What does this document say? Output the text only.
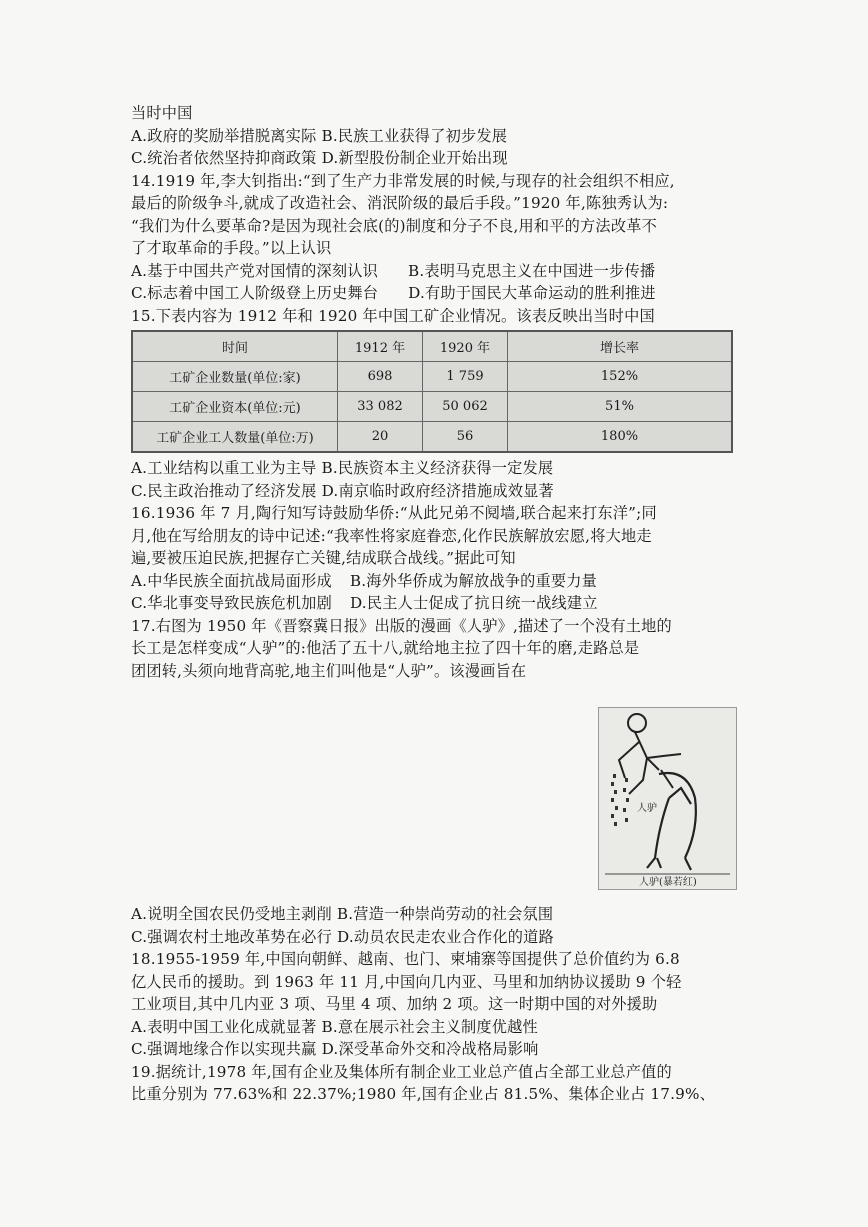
当时中国
A.政府的奖励举措脱离实际 B.民族工业获得了初步发展
C.统治者依然坚持抑商政策 D.新型股份制企业开始出现
14.1919 年,李大钊指出:“到了生产力非常发展的时候,与现存的社会组织不相应,
最后的阶级争斗,就成了改造社会、消泯阶级的最后手段。”1920 年,陈独秀认为:
“我们为什么要革命?是因为现社会底(的)制度和分子不良,用和平的方法改革不
了才取革命的手段。”以上认识
A.基于中国共产党对国情的深刻认识 B.表明马克思主义在中国进一步传播
C.标志着中国工人阶级登上历史舞台 D.有助于国民大革命运动的胜利推进
15.下表内容为 1912 年和 1920 年中国工矿企业情况。该表反映出当时中国
时间	1912 年	1920 年	增长率
工矿企业数量(单位:家)	698	1 759	152%
工矿企业资本(单位:元)	33 082	50 062	51%
工矿企业工人数量(单位:万)	20	56	180%
A.工业结构以重工业为主导 B.民族资本主义经济获得一定发展
C.民主政治推动了经济发展 D.南京临时政府经济措施成效显著
16.1936 年 7 月,陶行知写诗鼓励华侨:“从此兄弟不阋墙,联合起来打东洋”;同
月,他在写给朋友的诗中记述:“我率性将家庭眷恋,化作民族解放宏愿,将大地走
遍,要被压迫民族,把握存亡关键,结成联合战线。”据此可知
A.中华民族全面抗战局面形成 B.海外华侨成为解放战争的重要力量
C.华北事变导致民族危机加剧 D.民主人士促成了抗日统一战线建立
17.右图为 1950 年《晋察冀日报》出版的漫画《人驴》,描述了一个没有土地的
长工是怎样变成“人驴”的:他活了五十八,就给地主拉了四十年的磨,走路总是
团团转,头须向地背高驼,地主们叫他是“人驴”。该漫画旨在
A.说明全国农民仍受地主剥削 B.营造一种崇尚劳动的社会氛围
C.强调农村土地改革势在必行 D.动员农民走农业合作化的道路
18.1955-1959 年,中国向朝鲜、越南、也门、柬埔寨等国提供了总价值约为 6.8
亿人民币的援助。到 1963 年 11 月,中国向几内亚、马里和加纳协议援助 9 个轻
工业项目,其中几内亚 3 项、马里 4 项、加纳 2 项。这一时期中国的对外援助
A.表明中国工业化成就显著 B.意在展示社会主义制度优越性
C.强调地缘合作以实现共赢 D.深受革命外交和冷战格局影响
19.据统计,1978 年,国有企业及集体所有制企业工业总产值占全部工业总产值的
比重分别为 77.63%和 22.37%;1980 年,国有企业占 81.5%、集体企业占 17.9%、
人驴
人驴(暴若红)
